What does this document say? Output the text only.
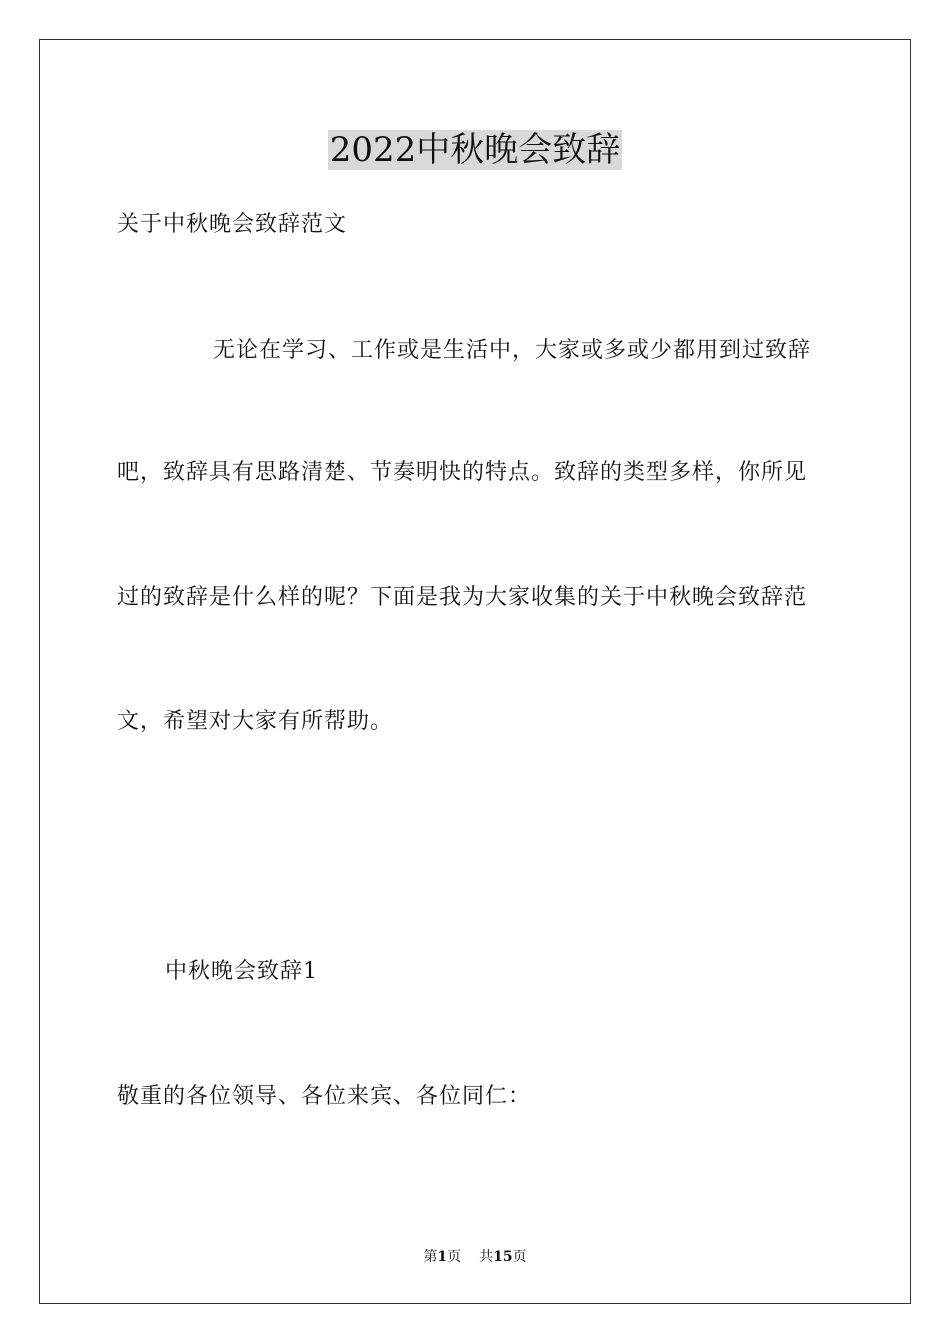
2022中秋晚会致辞
关于中秋晚会致辞范文
无论在学习、工作或是生活中，大家或多或少都用到过致辞
吧，致辞具有思路清楚、节奏明快的特点。致辞的类型多样，你所见
过的致辞是什么样的呢？下面是我为大家收集的关于中秋晚会致辞范
文，希望对大家有所帮助。
中秋晚会致辞1
敬重的各位领导、各位来宾、各位同仁：
第1页 共15页
